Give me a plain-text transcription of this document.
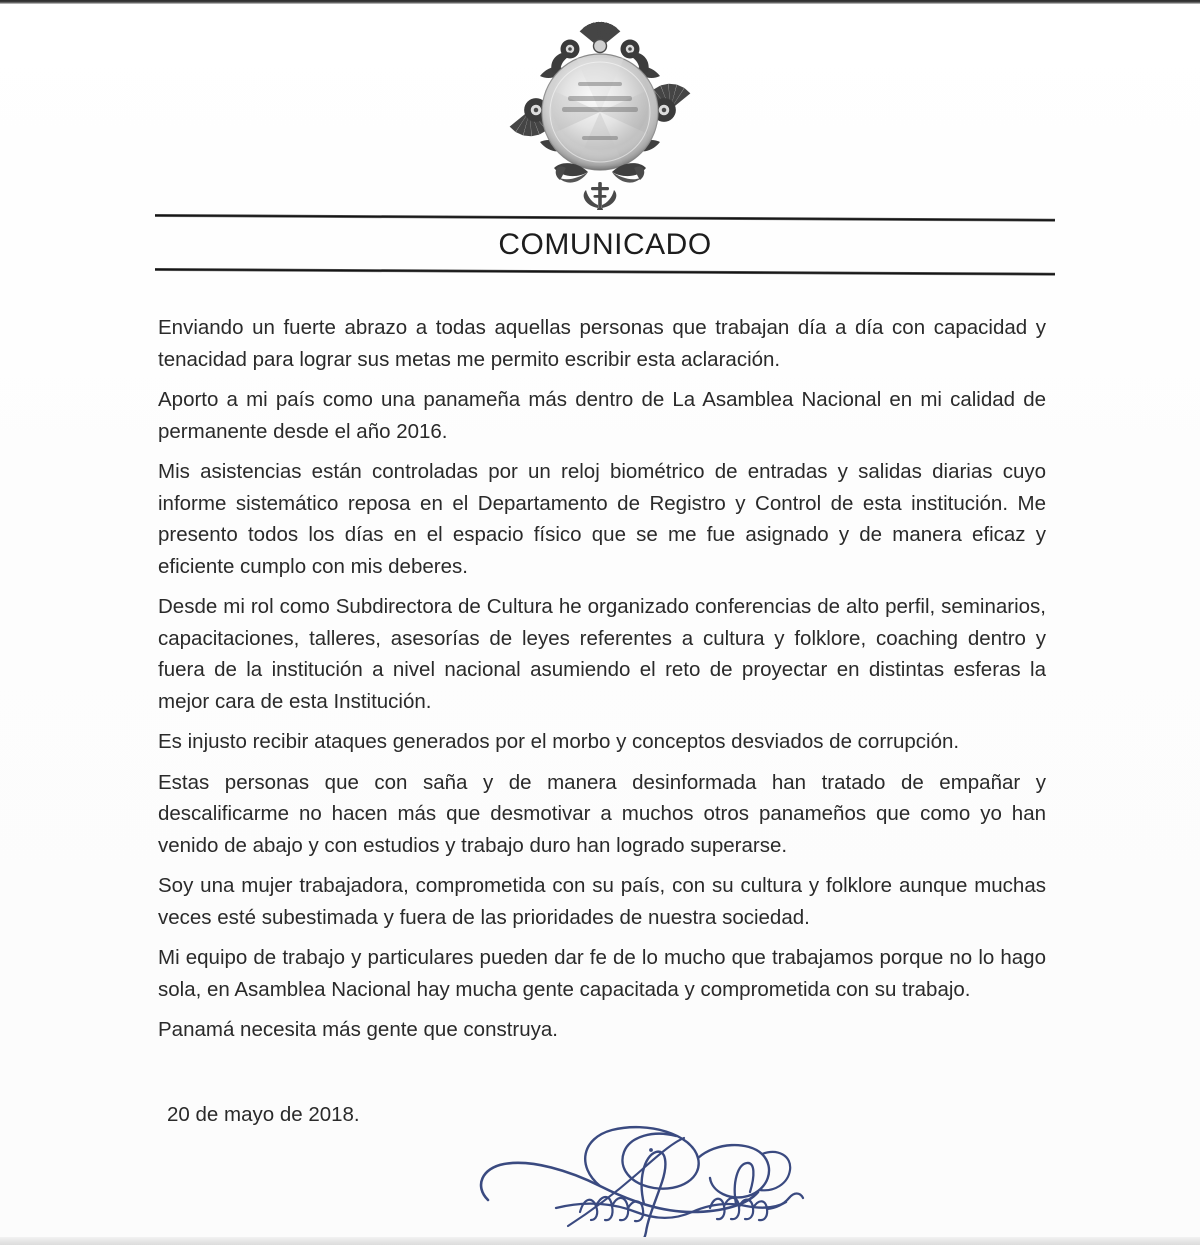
COMUNICADO

Enviando un fuerte abrazo a todas aquellas personas que trabajan día a día con capacidad y tenacidad para lograr sus metas me permito escribir esta aclaración.

Aporto a mi país como una panameña más dentro de La Asamblea Nacional en mi calidad de permanente desde el año 2016.

Mis asistencias están controladas por un reloj biométrico de entradas y salidas diarias cuyo informe sistemático reposa en el Departamento de Registro y Control de esta institución. Me presento todos los días en el espacio físico que se me fue asignado y de manera eficaz y eficiente cumplo con mis deberes.

Desde mi rol como Subdirectora de Cultura he organizado conferencias de alto perfil, seminarios, capacitaciones, talleres, asesorías de leyes referentes a cultura y folklore, coaching dentro y fuera de la institución a nivel nacional asumiendo el reto de proyectar en distintas esferas la mejor cara de esta Institución.

Es injusto recibir ataques generados por el morbo y conceptos desviados de corrupción.

Estas personas que con saña y de manera desinformada han tratado de empañar y descalificarme no hacen más que desmotivar a muchos otros panameños que como yo han venido de abajo y con estudios y trabajo duro han logrado superarse.

Soy una mujer trabajadora, comprometida con su país, con su cultura y folklore aunque muchas veces esté subestimada y fuera de las prioridades de nuestra sociedad.

Mi equipo de trabajo y particulares pueden dar fe de lo mucho que trabajamos porque no lo hago sola, en Asamblea Nacional hay mucha gente capacitada y comprometida con su trabajo.

Panamá necesita más gente que construya.

20 de mayo de 2018.
